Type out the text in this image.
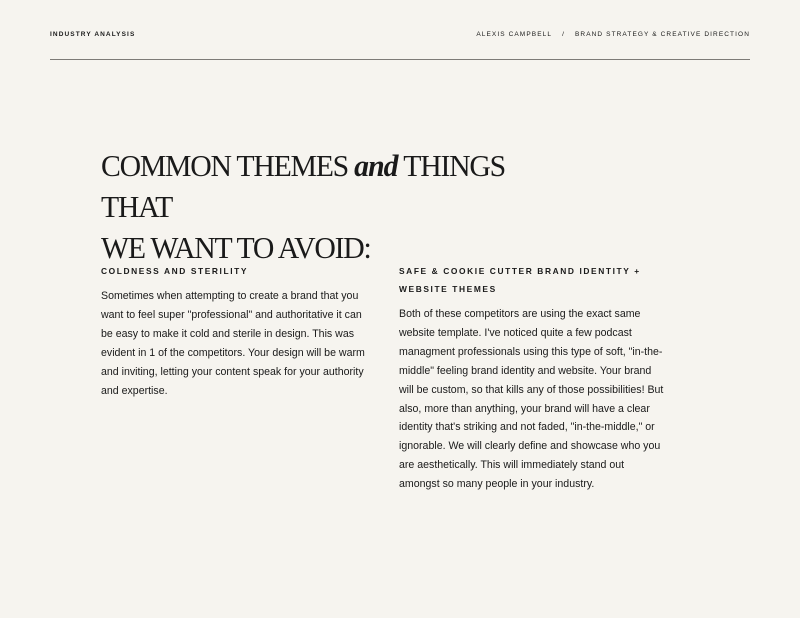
INDUSTRY ANALYSIS	ALEXIS CAMPBELL	/	BRAND STRATEGY & CREATIVE DIRECTION
COMMON THEMES and THINGS THAT
WE WANT TO AVOID:
COLDNESS AND STERILITY

Sometimes when attempting to create a brand that you want to feel super "professional" and authoritative it can be easy to make it cold and sterile in design. This was evident in 1 of the competitors. Your design will be warm and inviting, letting your content speak for your authority and expertise.

SAFE & COOKIE CUTTER BRAND IDENTITY + WEBSITE THEMES

Both of these competitors are using the exact same website template. I've noticed quite a few podcast managment professionals using this type of soft, "in-the-middle" feeling brand identity and website. Your brand will be custom, so that kills any of those possibilities! But also, more than anything, your brand will have a clear identity that's striking and not faded, "in-the-middle," or ignorable. We will clearly define and showcase who you are aesthetically. This will immediately stand out amongst so many people in your industry.
